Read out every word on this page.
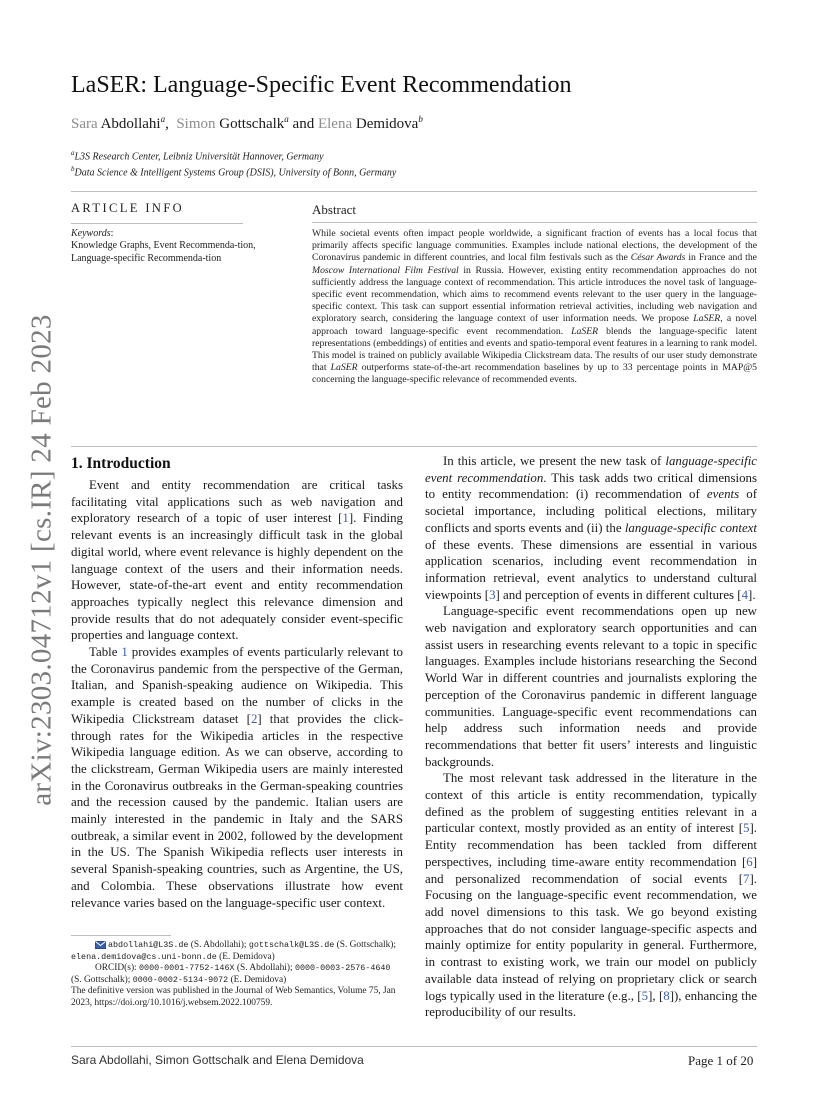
arXiv:2303.04712v1 [cs.IR] 24 Feb 2023
LaSER: Language-Specific Event Recommendation
Sara Abdollahi$^a$,  Simon Gottschalk$^a$ and Elena Demidova$^b$
$^a$L3S Research Center, Leibniz Universität Hannover, Germany
$^b$Data Science & Intelligent Systems Group (DSIS), University of Bonn, Germany
ARTICLE INFO
Keywords:
Knowledge Graphs, Event Recommenda-tion, Language-specific Recommenda-tion
Abstract
While societal events often impact people worldwide, a significant fraction of events has a local focus that primarily affects specific language communities. Examples include national elections, the development of the Coronavirus pandemic in different countries, and local film festivals such as the César Awards in France and the Moscow International Film Festival in Russia. However, existing entity recommendation approaches do not sufficiently address the language context of recommendation. This article introduces the novel task of language-specific event recommendation, which aims to recommend events relevant to the user query in the language-specific context. This task can support essential information retrieval activities, including web navigation and exploratory search, considering the language context of user information needs. We propose LaSER, a novel approach toward language-specific event recommendation. LaSER blends the language-specific latent representations (embeddings) of entities and events and spatio-temporal event features in a learning to rank model. This model is trained on publicly available Wikipedia Clickstream data. The results of our user study demonstrate that LaSER outperforms state-of-the-art recommendation baselines by up to 33 percentage points in MAP@5 concerning the language-specific relevance of recommended events.
1. Introduction

Event and entity recommendation are critical tasks facilitating vital applications such as web navigation and exploratory research of a topic of user interest [1]. Finding relevant events is an increasingly difficult task in the global digital world, where event relevance is highly dependent on the language context of the users and their information needs. However, state-of-the-art event and entity recommendation approaches typically neglect this relevance dimension and provide results that do not adequately consider event-specific properties and language context.

Table 1 provides examples of events particularly relevant to the Coronavirus pandemic from the perspective of the German, Italian, and Spanish-speaking audience on Wikipedia. This example is created based on the number of clicks in the Wikipedia Clickstream dataset [2] that provides the click-through rates for the Wikipedia articles in the respective Wikipedia language edition. As we can observe, according to the clickstream, German Wikipedia users are mainly interested in the Coronavirus outbreaks in the German-speaking countries and the recession caused by the pandemic. Italian users are mainly interested in the pandemic in Italy and the SARS outbreak, a similar event in 2002, followed by the development in the US. The Spanish Wikipedia reflects user interests in several Spanish-speaking countries, such as Argentine, the US, and Colombia. These observations illustrate how event relevance varies based on the language-specific user context.

abdollahi@L3S.de (S. Abdollahi); gottschalk@L3S.de (S. Gottschalk); elena.demidova@cs.uni-bonn.de (E. Demidova)

ORCID(s): 0000-0001-7752-146X (S. Abdollahi); 0000-0003-2576-4640 (S. Gottschalk); 0000-0002-5134-9072 (E. Demidova)

The definitive version was published in the Journal of Web Semantics, Volume 75, Jan 2023, https://doi.org/10.1016/j.websem.2022.100759.

In this article, we present the new task of language-specific event recommendation. This task adds two critical dimensions to entity recommendation: (i) recommendation of events of societal importance, including political elections, military conflicts and sports events and (ii) the language-specific context of these events. These dimensions are essential in various application scenarios, including event recommendation in information retrieval, event analytics to understand cultural viewpoints [3] and perception of events in different cultures [4].

Language-specific event recommendations open up new web navigation and exploratory search opportunities and can assist users in researching events relevant to a topic in specific languages. Examples include historians researching the Second World War in different countries and journalists exploring the perception of the Coronavirus pandemic in different language communities. Language-specific event recommendations can help address such information needs and provide recommendations that better fit users’ interests and linguistic backgrounds.

The most relevant task addressed in the literature in the context of this article is entity recommendation, typically defined as the problem of suggesting entities relevant in a particular context, mostly provided as an entity of interest [5]. Entity recommendation has been tackled from different perspectives, including time-aware entity recommendation [6] and personalized recommendation of social events [7]. Focusing on the language-specific event recommendation, we add novel dimensions to this task. We go beyond existing approaches that do not consider language-specific aspects and mainly optimize for entity popularity in general. Furthermore, in contrast to existing work, we train our model on publicly available data instead of relying on proprietary click or search logs typically used in the literature (e.g., [5], [8]), enhancing the reproducibility of our results.

Sara Abdollahi, Simon Gottschalk and Elena Demidova	Page 1 of 20
